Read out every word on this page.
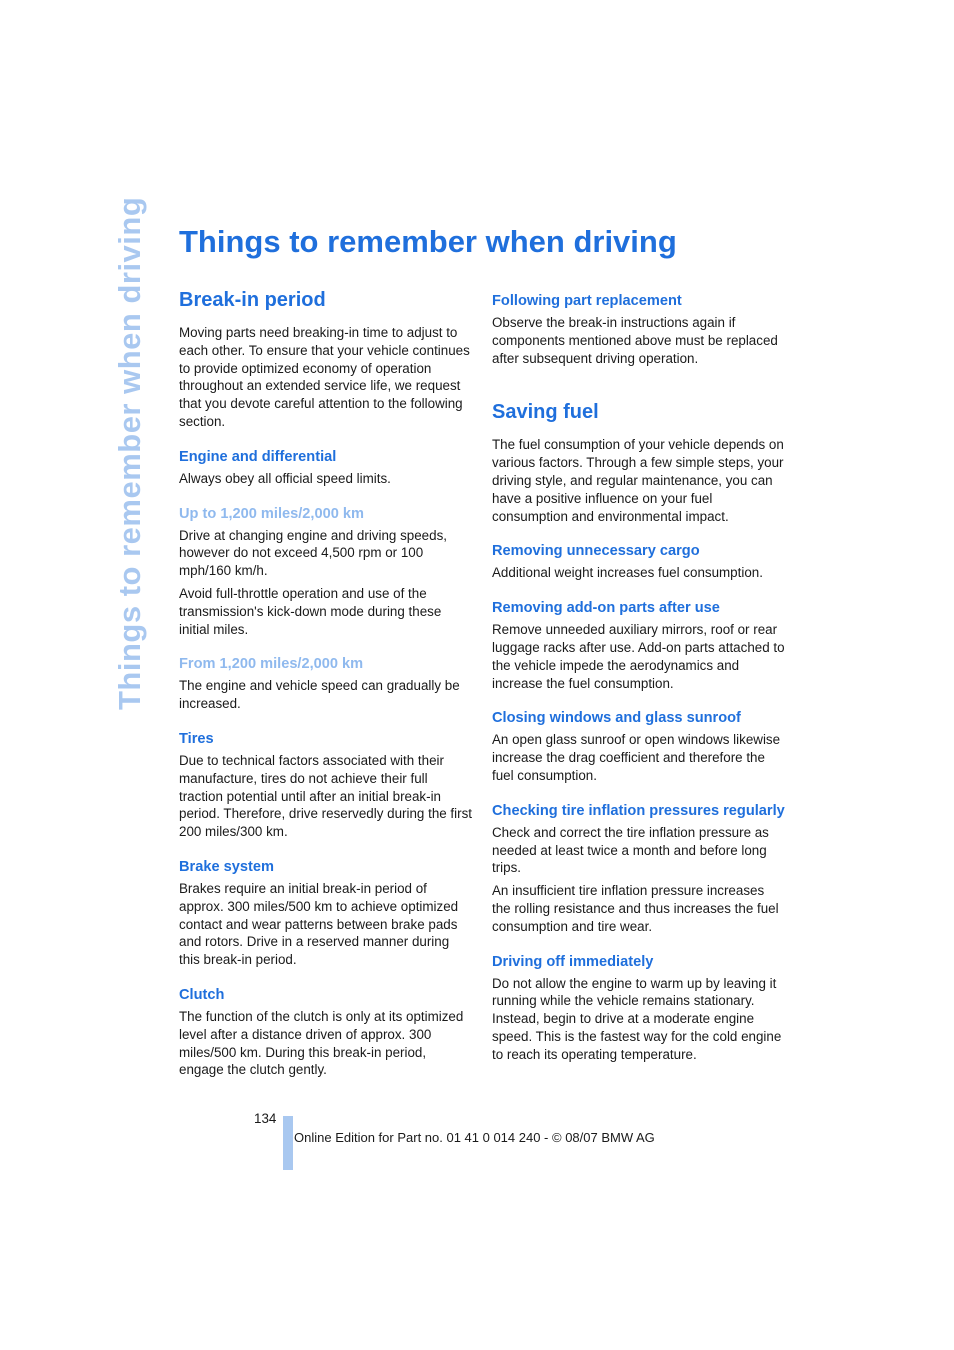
Things to remember when driving Things to remember when driving
Break-in period

Moving parts need breaking-in time to adjust to each other. To ensure that your vehicle continues to provide optimized economy of operation throughout an extended service life, we request that you devote careful attention to the following section.

Engine and differential

Always obey all official speed limits.

Up to 1,200 miles/2,000 km

Drive at changing engine and driving speeds, however do not exceed 4,500 rpm or 100 mph/160 km/h.

Avoid full-throttle operation and use of the transmission's kick-down mode during these initial miles.

From 1,200 miles/2,000 km

The engine and vehicle speed can gradually be increased.

Tires

Due to technical factors associated with their manufacture, tires do not achieve their full traction potential until after an initial break-in period. Therefore, drive reservedly during the first 200 miles/300 km.

Brake system

Brakes require an initial break-in period of approx. 300 miles/500 km to achieve optimized contact and wear patterns between brake pads and rotors. Drive in a reserved manner during this break-in period.

Clutch

The function of the clutch is only at its optimized level after a distance driven of approx. 300 miles/500 km. During this break-in period, engage the clutch gently.

Following part replacement

Observe the break-in instructions again if components mentioned above must be replaced after subsequent driving operation.

Saving fuel

The fuel consumption of your vehicle depends on various factors. Through a few simple steps, your driving style, and regular maintenance, you can have a positive influence on your fuel consumption and environmental impact.

Removing unnecessary cargo

Additional weight increases fuel consumption.

Removing add-on parts after use

Remove unneeded auxiliary mirrors, roof or rear luggage racks after use. Add-on parts attached to the vehicle impede the aerodynamics and increase the fuel consumption.

Closing windows and glass sunroof

An open glass sunroof or open windows likewise increase the drag coefficient and therefore the fuel consumption.

Checking tire inflation pressures regularly

Check and correct the tire inflation pressure as needed at least twice a month and before long trips.

An insufficient tire inflation pressure increases the rolling resistance and thus increases the fuel consumption and tire wear.

Driving off immediately

Do not allow the engine to warm up by leaving it running while the vehicle remains stationary. Instead, begin to drive at a moderate engine speed. This is the fastest way for the cold engine to reach its operating temperature.

134
Online Edition for Part no. 01 41 0 014 240 - © 08/07 BMW AG
